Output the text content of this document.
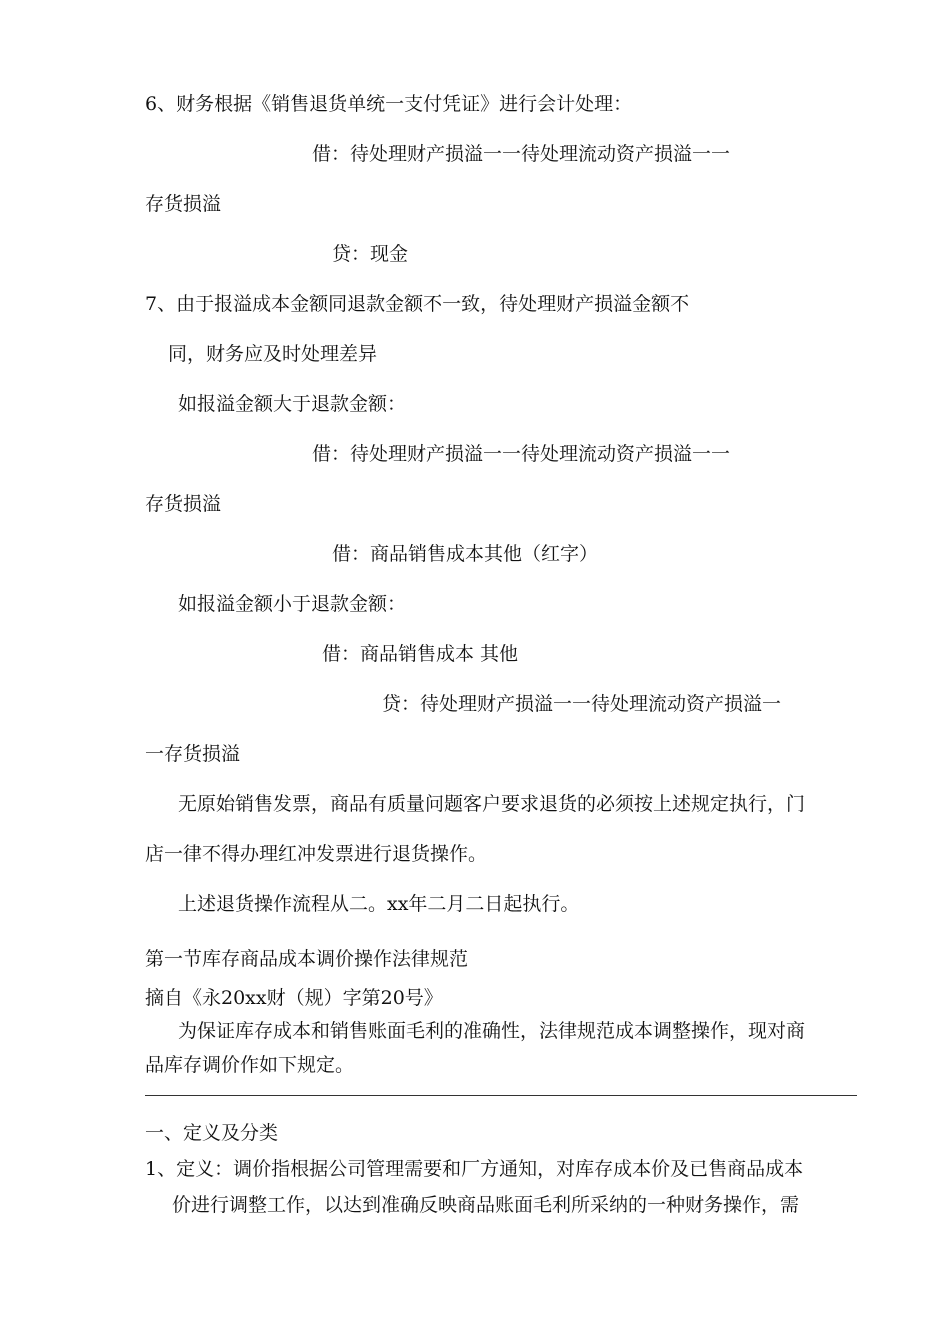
6、财务根据《销售退货单统一支付凭证》进行会计处理：
借：待处理财产损溢一一待处理流动资产损溢一一
存货损溢
贷：现金
7、由于报溢成本金额同退款金额不一致，待处理财产损溢金额不
同，财务应及时处理差异
如报溢金额大于退款金额：
借：待处理财产损溢一一待处理流动资产损溢一一
存货损溢
借：商品销售成本其他（红字）
如报溢金额小于退款金额：
借：商品销售成本 其他
贷：待处理财产损溢一一待处理流动资产损溢一
一存货损溢
无原始销售发票，商品有质量问题客户要求退货的必须按上述规定执行，门
店一律不得办理红冲发票进行退货操作。
上述退货操作流程从二。xx年二月二日起执行。
第一节库存商品成本调价操作法律规范
摘自《永20xx财（规）字第20号》
为保证库存成本和销售账面毛利的准确性，法律规范成本调整操作，现对商
品库存调价作如下规定。
一、定义及分类
1、定义：调价指根据公司管理需要和厂方通知，对库存成本价及已售商品成本
价进行调整工作，以达到准确反映商品账面毛利所采纳的一种财务操作，需
